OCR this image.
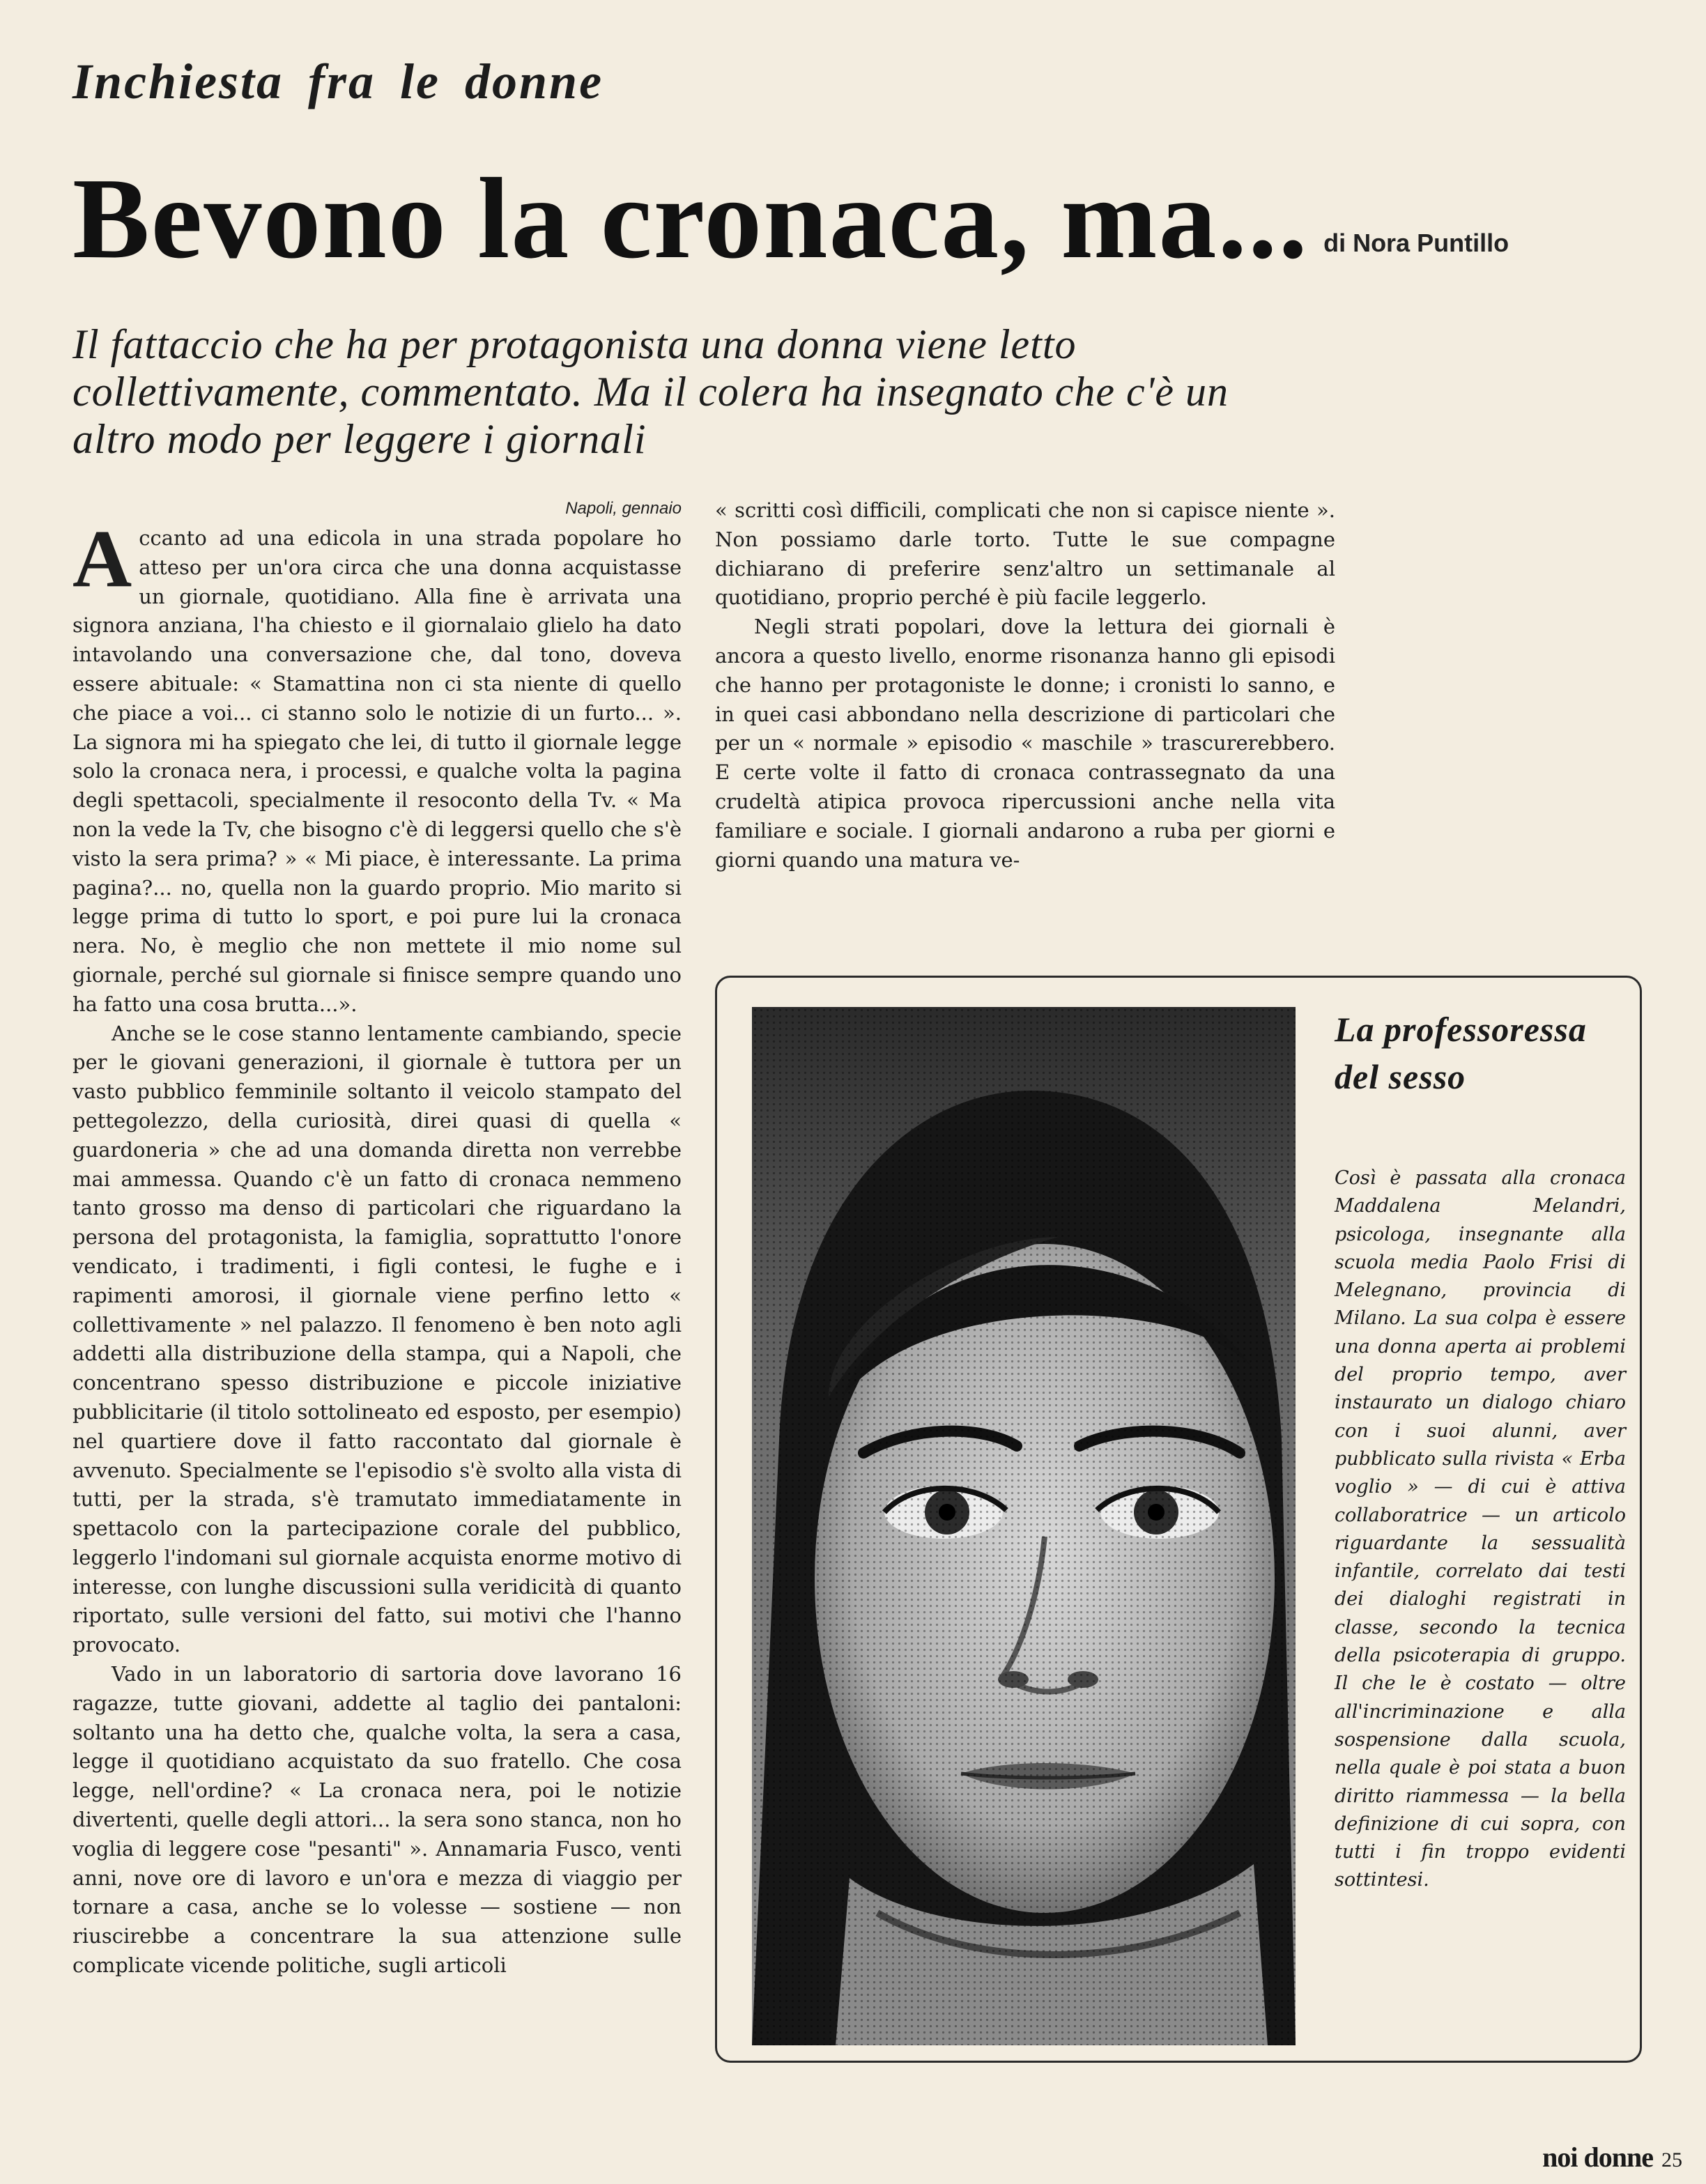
Inchiesta fra le donne
Bevono la cronaca, ma... di Nora Puntillo

Il fattaccio che ha per protagonista una donna viene letto collettivamente, commentato. Ma il colera ha insegnato che c'è un altro modo per leggere i giornali

Napoli, gennaio

Accanto ad una edicola in una strada popolare ho atteso per un'ora circa che una donna acquistasse un giornale, quotidiano. Alla fine è arrivata una signora anziana, l'ha chiesto e il giornalaio glielo ha dato intavolando una conversazione che, dal tono, doveva essere abituale: « Stamattina non ci sta niente di quello che piace a voi... ci stanno solo le notizie di un furto... ». La signora mi ha spiegato che lei, di tutto il giornale legge solo la cronaca nera, i processi, e qualche volta la pagina degli spettacoli, specialmente il resoconto della Tv. « Ma non la vede la Tv, che bisogno c'è di leggersi quello che s'è visto la sera prima? » « Mi piace, è interessante. La prima pagina?... no, quella non la guardo proprio. Mio marito si legge prima di tutto lo sport, e poi pure lui la cronaca nera. No, è meglio che non mettete il mio nome sul giornale, perché sul giornale si finisce sempre quando uno ha fatto una cosa brutta...».

Anche se le cose stanno lentamente cambiando, specie per le giovani generazioni, il giornale è tuttora per un vasto pubblico femminile soltanto il veicolo stampato del pettegolezzo, della curiosità, direi quasi di quella « guardoneria » che ad una domanda diretta non verrebbe mai ammessa. Quando c'è un fatto di cronaca nemmeno tanto grosso ma denso di particolari che riguardano la persona del protagonista, la famiglia, soprattutto l'onore vendicato, i tradimenti, i figli contesi, le fughe e i rapimenti amorosi, il giornale viene perfino letto « collettivamente » nel palazzo. Il fenomeno è ben noto agli addetti alla distribuzione della stampa, qui a Napoli, che concentrano spesso distribuzione e piccole iniziative pubblicitarie (il titolo sottolineato ed esposto, per esempio) nel quartiere dove il fatto raccontato dal giornale è avvenuto. Specialmente se l'episodio s'è svolto alla vista di tutti, per la strada, s'è tramutato immediatamente in spettacolo con la partecipazione corale del pubblico, leggerlo l'indomani sul giornale acquista enorme motivo di interesse, con lunghe discussioni sulla veridicità di quanto riportato, sulle versioni del fatto, sui motivi che l'hanno provocato.

Vado in un laboratorio di sartoria dove lavorano 16 ragazze, tutte giovani, addette al taglio dei pantaloni: soltanto una ha detto che, qualche volta, la sera a casa, legge il quotidiano acquistato da suo fratello. Che cosa legge, nell'ordine? « La cronaca nera, poi le notizie divertenti, quelle degli attori... la sera sono stanca, non ho voglia di leggere cose "pesanti" ». Annamaria Fusco, venti anni, nove ore di lavoro e un'ora e mezza di viaggio per tornare a casa, anche se lo volesse — sostiene — non riuscirebbe a concentrare la sua attenzione sulle complicate vicende politiche, sugli articoli

« scritti così difficili, complicati che non si capisce niente ». Non possiamo darle torto. Tutte le sue compagne dichiarano di preferire senz'altro un settimanale al quotidiano, proprio perché è più facile leggerlo.

Negli strati popolari, dove la lettura dei giornali è ancora a questo livello, enorme risonanza hanno gli episodi che hanno per protagoniste le donne; i cronisti lo sanno, e in quei casi abbondano nella descrizione di particolari che per un « normale » episodio « maschile » trascurerebbero. E certe volte il fatto di cronaca contrassegnato da una crudeltà atipica provoca ripercussioni anche nella vita familiare e sociale. I giornali andarono a ruba per giorni e giorni quando una matura ve-

La professoressa del sesso

Così è passata alla cronaca Maddalena Melandri, psicologa, insegnante alla scuola media Paolo Frisi di Melegnano, provincia di Milano. La sua colpa è essere una donna aperta ai problemi del proprio tempo, aver instaurato un dialogo chiaro con i suoi alunni, aver pubblicato sulla rivista « Erba voglio » — di cui è attiva collaboratrice — un articolo riguardante la sessualità infantile, correlato dai testi dei dialoghi registrati in classe, secondo la tecnica della psicoterapia di gruppo. Il che le è costato — oltre all'incriminazione e alla sospensione dalla scuola, nella quale è poi stata a buon diritto riammessa — la bella definizione di cui sopra, con tutti i fin troppo evidenti sottintesi.

noi donne 25
